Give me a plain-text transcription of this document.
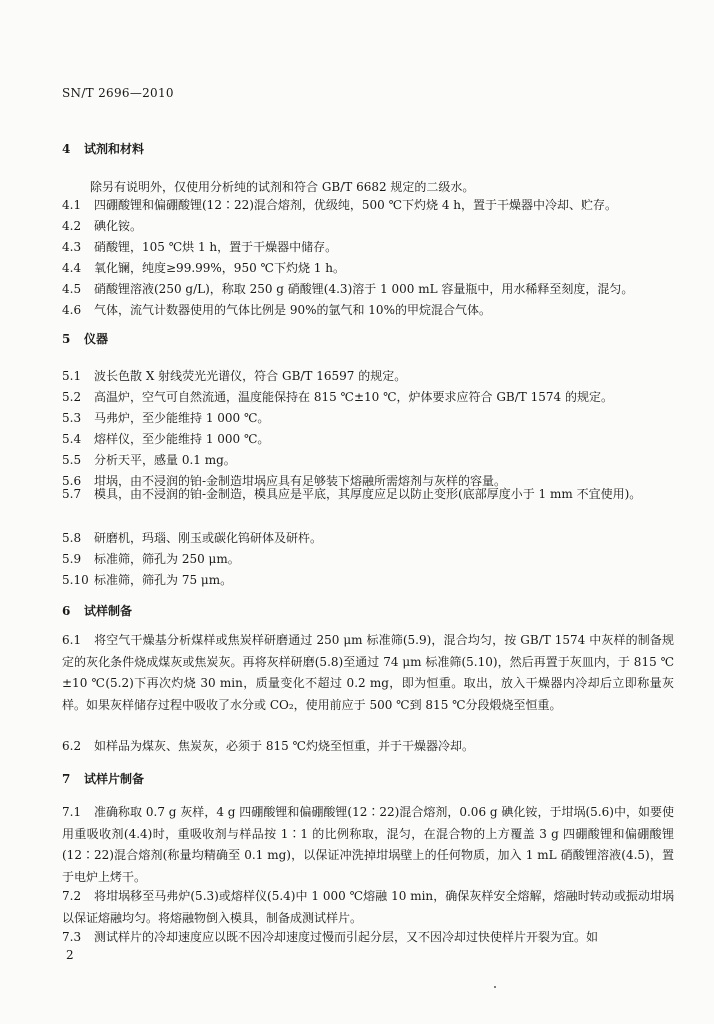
SN/T 2696—2010
4 试剂和材料
除另有说明外，仅使用分析纯的试剂和符合 GB/T 6682 规定的二级水。
4.1 四硼酸锂和偏硼酸锂(12∶22)混合熔剂，优级纯，500 ℃下灼烧 4 h，置于干燥器中冷却、贮存。
4.2 碘化铵。
4.3 硝酸锂，105 ℃烘 1 h，置于干燥器中储存。
4.4 氧化镧，纯度≥99.99%，950 ℃下灼烧 1 h。
4.5 硝酸锂溶液(250 g/L)，称取 250 g 硝酸锂(4.3)溶于 1 000 mL 容量瓶中，用水稀释至刻度，混匀。
4.6 气体，流气计数器使用的气体比例是 90%的氩气和 10%的甲烷混合气体。
5 仪器
5.1 波长色散 X 射线荧光光谱仪，符合 GB/T 16597 的规定。
5.2 高温炉，空气可自然流通，温度能保持在 815 ℃±10 ℃，炉体要求应符合 GB/T 1574 的规定。
5.3 马弗炉，至少能维持 1 000 ℃。
5.4 熔样仪，至少能维持 1 000 ℃。
5.5 分析天平，感量 0.1 mg。
5.6 坩埚，由不浸润的铂-金制造坩埚应具有足够装下熔融所需熔剂与灰样的容量。
5.7 模具，由不浸润的铂-金制造，模具应是平底，其厚度应足以防止变形(底部厚度小于 1 mm 不宜使用)。
5.8 研磨机，玛瑙、刚玉或碳化钨研体及研杵。
5.9 标准筛，筛孔为 250 μm。
5.10 标准筛，筛孔为 75 μm。
6 试样制备
6.1 将空气干燥基分析煤样或焦炭样研磨通过 250 μm 标准筛(5.9)，混合均匀，按 GB/T 1574 中灰样的制备规定的灰化条件烧成煤灰或焦炭灰。再将灰样研磨(5.8)至通过 74 μm 标准筛(5.10)，然后再置于灰皿内，于 815 ℃±10 ℃(5.2)下再次灼烧 30 min，质量变化不超过 0.2 mg，即为恒重。取出，放入干燥器内冷却后立即称量灰样。如果灰样储存过程中吸收了水分或 CO₂，使用前应于 500 ℃到 815 ℃分段煅烧至恒重。
6.2 如样品为煤灰、焦炭灰，必须于 815 ℃灼烧至恒重，并于干燥器冷却。
7 试样片制备
7.1 准确称取 0.7 g 灰样，4 g 四硼酸锂和偏硼酸锂(12∶22)混合熔剂，0.06 g 碘化铵，于坩埚(5.6)中，如要使用重吸收剂(4.4)时，重吸收剂与样品按 1∶1 的比例称取，混匀，在混合物的上方覆盖 3 g 四硼酸锂和偏硼酸锂(12∶22)混合熔剂(称量均精确至 0.1 mg)，以保证冲洗掉坩埚壁上的任何物质，加入 1 mL 硝酸锂溶液(4.5)，置于电炉上烤干。
7.2 将坩埚移至马弗炉(5.3)或熔样仪(5.4)中 1 000 ℃熔融 10 min，确保灰样安全熔解，熔融时转动或振动坩埚以保证熔融均匀。将熔融物倒入模具，制备成测试样片。
7.3 测试样片的冷却速度应以既不因冷却速度过慢而引起分层，又不因冷却过快使样片开裂为宜。如
2
